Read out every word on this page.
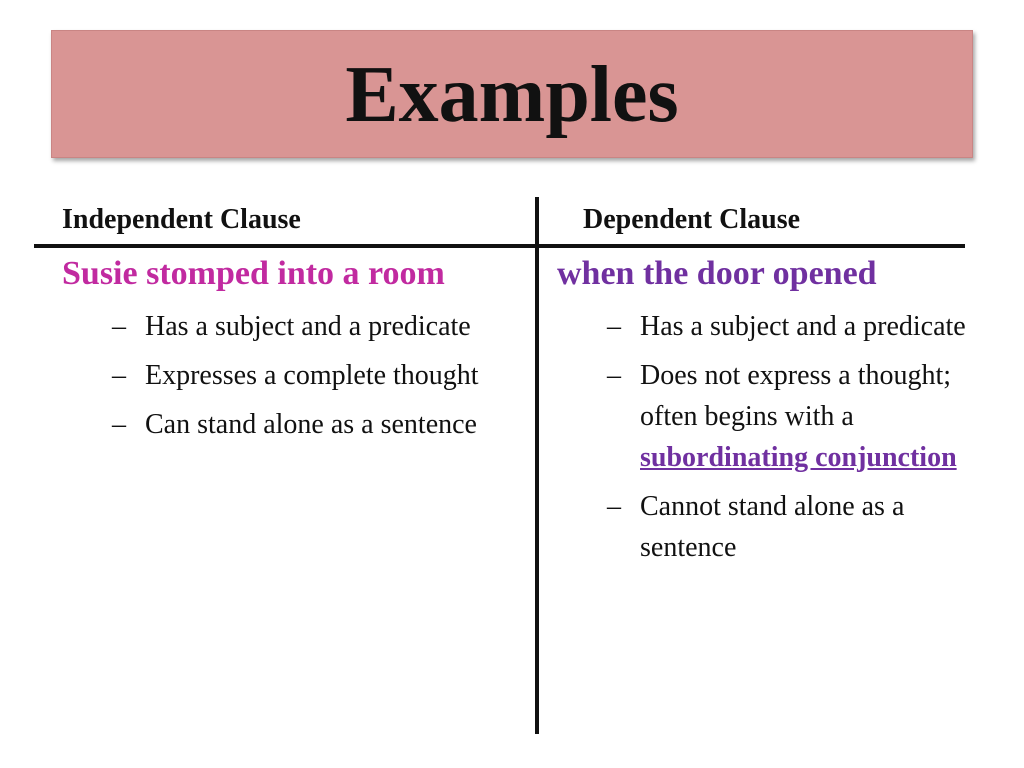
Examples
Independent Clause	Dependent Clause
Susie stomped into a room
– Has a subject and a predicate
– Expresses a complete thought
– Can stand alone as a sentence
when the door opened
– Has a subject and a predicate
– Does not express a thought; often begins with a subordinating conjunction
– Cannot stand alone as a sentence
